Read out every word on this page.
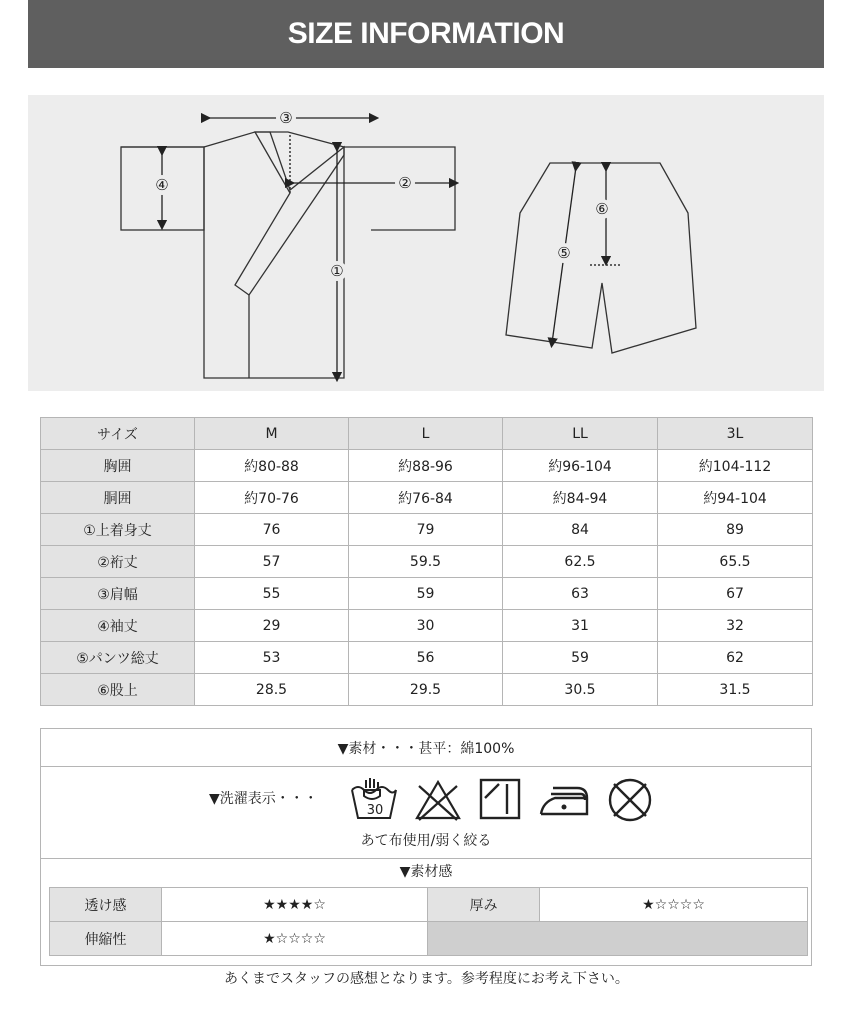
SIZE INFORMATION
③
②
④
①
⑤
⑥
サイズ	M	L	LL	3L
胸囲	約80-88	約88-96	約96-104	約104-112
胴囲	約70-76	約76-84	約84-94	約94-104
①上着身丈	76	79	84	89
②裄丈	57	59.5	62.5	65.5
③肩幅	55	59	63	67
④袖丈	29	30	31	32
⑤パンツ総丈	53	56	59	62
⑥股上	28.5	29.5	30.5	31.5
▼素材・・・甚平：綿100%
▼洗濯表示・・・
30
あて布使用/弱く絞る
▼素材感
透け感	★★★★☆	厚み	★☆☆☆☆
伸縮性	★☆☆☆☆		
あくまでスタッフの感想となります。参考程度にお考え下さい。
